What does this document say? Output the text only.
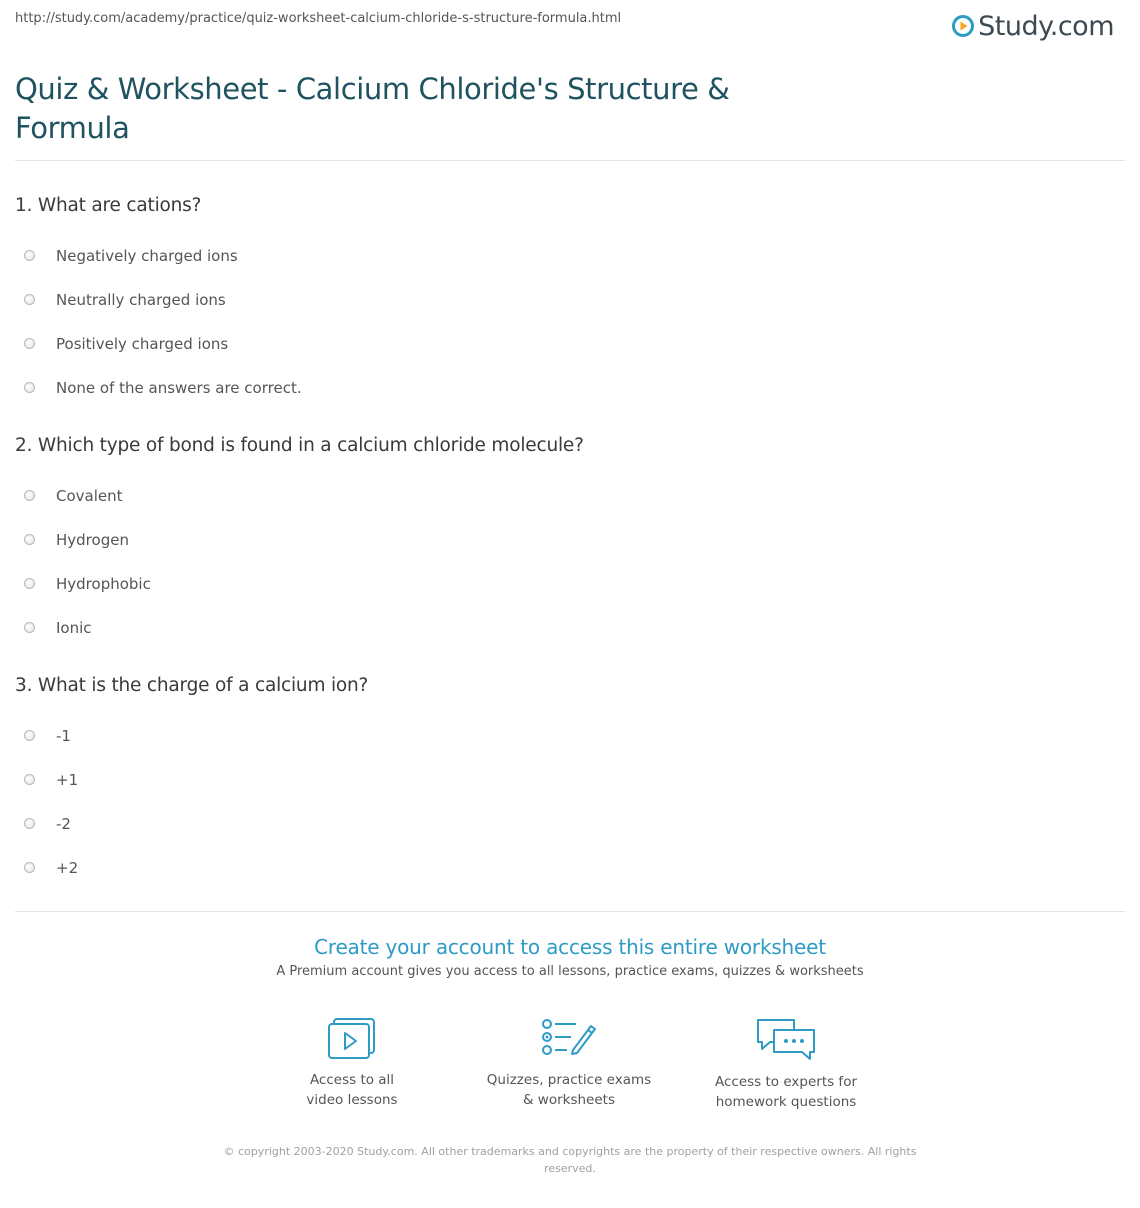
http://study.com/academy/practice/quiz-worksheet-calcium-chloride-s-structure-formula.html	Study.com
Quiz & Worksheet - Calcium Chloride's Structure & Formula
1. What are cations?
Negatively charged ions
Neutrally charged ions
Positively charged ions
None of the answers are correct.
2. Which type of bond is found in a calcium chloride molecule?
Covalent
Hydrogen
Hydrophobic
Ionic
3. What is the charge of a calcium ion?
-1
+1
-2
+2
Create your account to access this entire worksheet
A Premium account gives you access to all lessons, practice exams, quizzes & worksheets
Access to all
video lessons
Quizzes, practice exams
& worksheets
Access to experts for
homework questions
© copyright 2003-2020 Study.com. All other trademarks and copyrights are the property of their respective owners. All rights
reserved.
